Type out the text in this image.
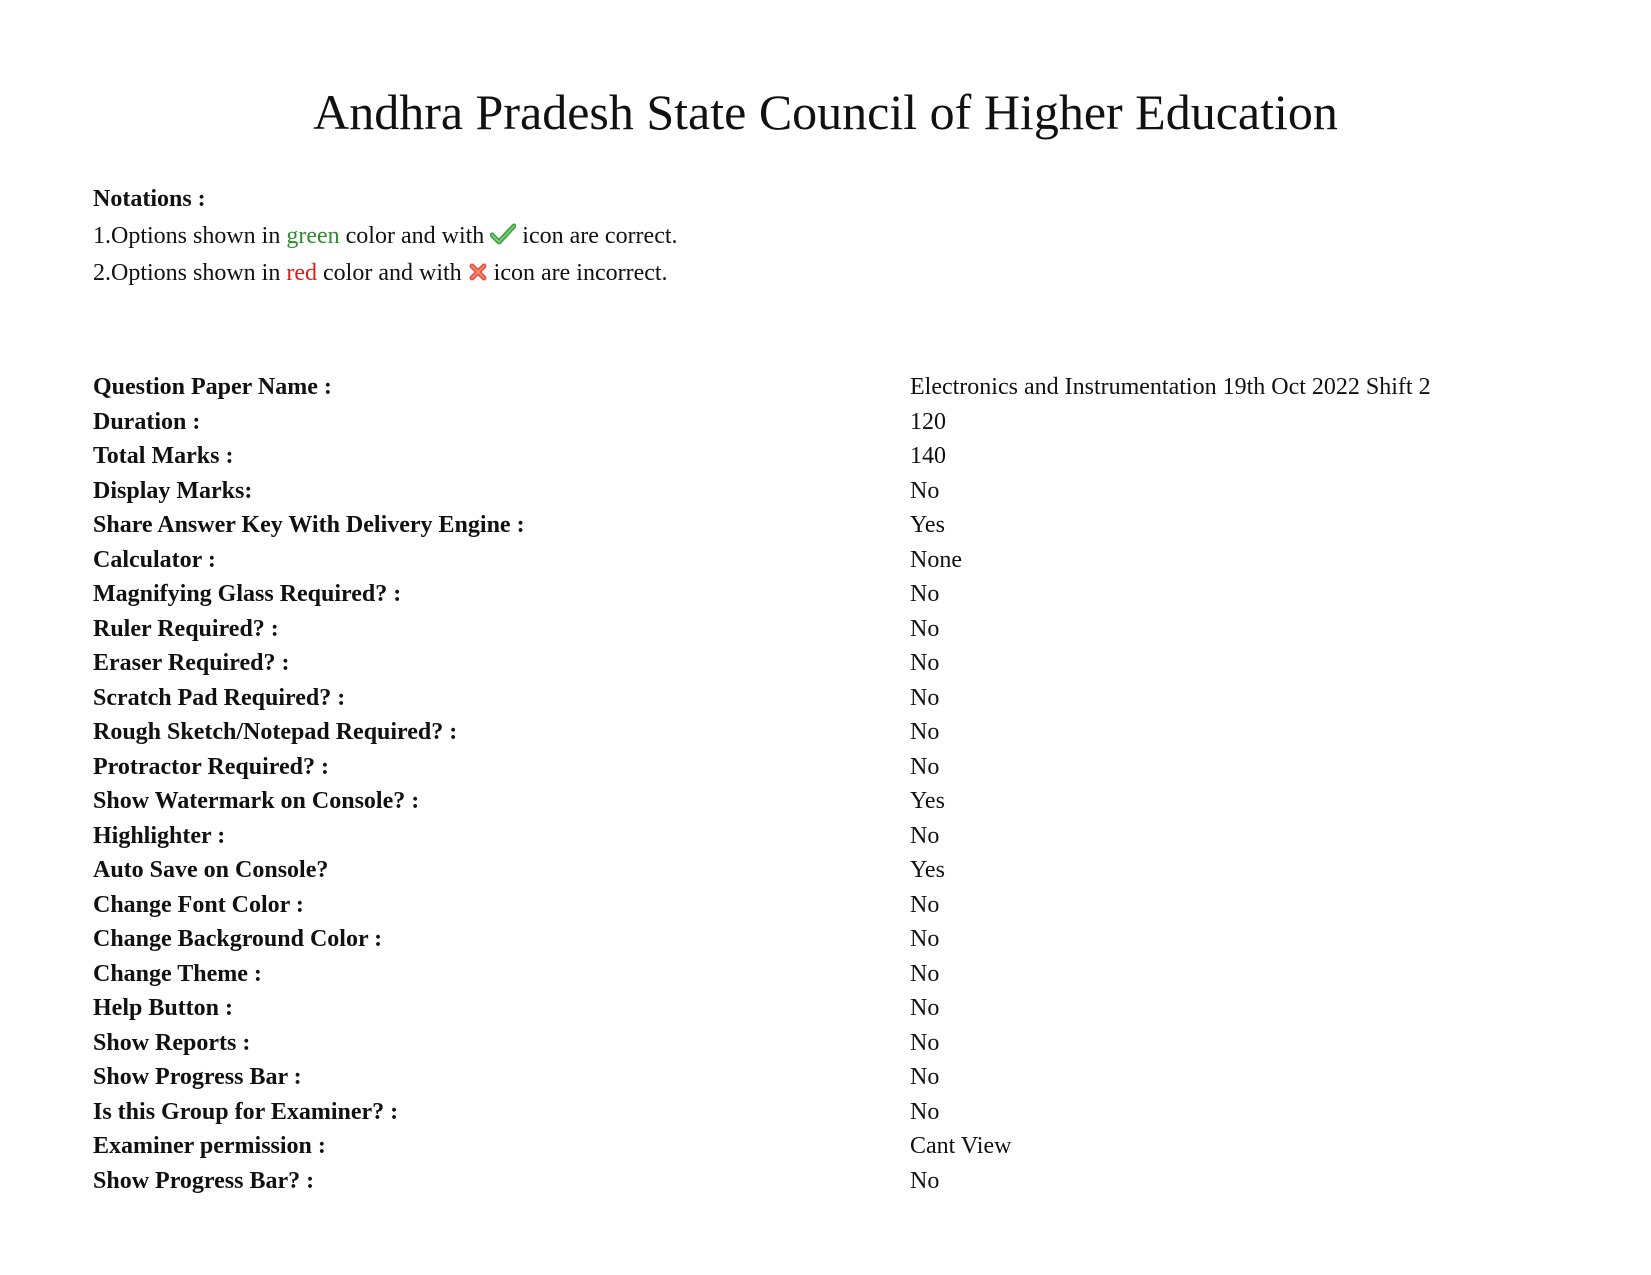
Andhra Pradesh State Council of Higher Education
Notations :
1.Options shown in green color and with icon are correct.
2.Options shown in red color and with icon are incorrect.
Question Paper Name :	Electronics and Instrumentation 19th Oct 2022 Shift 2
Duration :	120
Total Marks :	140
Display Marks:	No
Share Answer Key With Delivery Engine :	Yes
Calculator :	None
Magnifying Glass Required? :	No
Ruler Required? :	No
Eraser Required? :	No
Scratch Pad Required? :	No
Rough Sketch/Notepad Required? :	No
Protractor Required? :	No
Show Watermark on Console? :	Yes
Highlighter :	No
Auto Save on Console?	Yes
Change Font Color :	No
Change Background Color :	No
Change Theme :	No
Help Button :	No
Show Reports :	No
Show Progress Bar :	No
Is this Group for Examiner? :	No
Examiner permission :	Cant View
Show Progress Bar? :	No
